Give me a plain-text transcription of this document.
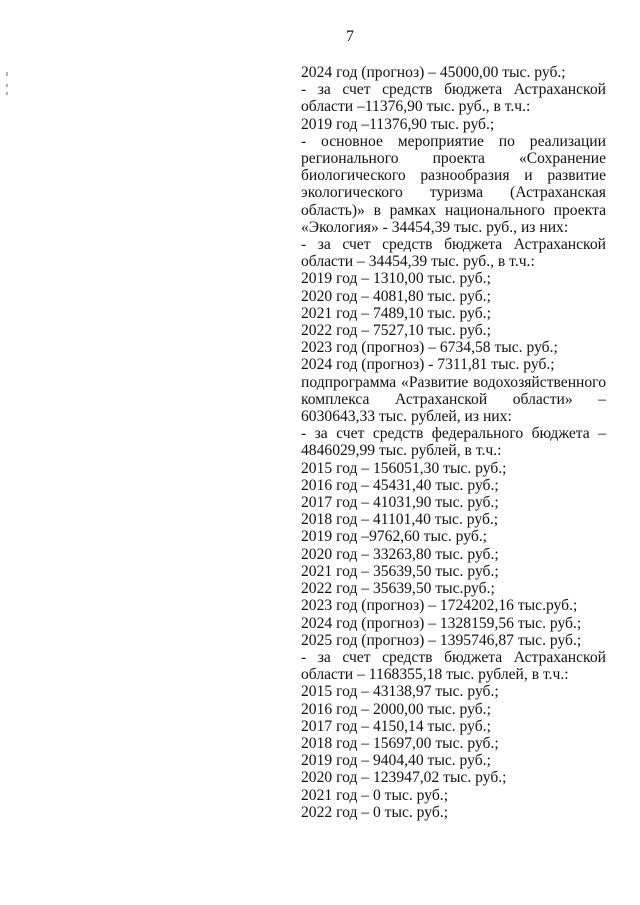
7
2024 год (прогноз) – 45000,00 тыс. руб.;
- за счет средств бюджета Астраханской
области –11376,90 тыс. руб., в т.ч.:
2019 год –11376,90 тыс. руб.;
- основное мероприятие по реализации
регионального проекта «Сохранение
биологического разнообразия и развитие
экологического туризма (Астраханская
область)» в рамках национального проекта
«Экология» - 34454,39 тыс. руб., из них:
- за счет средств бюджета Астраханской
области – 34454,39 тыс. руб., в т.ч.:
2019 год – 1310,00 тыс. руб.;
2020 год – 4081,80 тыс. руб.;
2021 год – 7489,10 тыс. руб.;
2022 год – 7527,10 тыс. руб.;
2023 год (прогноз) – 6734,58 тыс. руб.;
2024 год (прогноз) - 7311,81 тыс. руб.;
подпрограмма «Развитие водохозяйственного
комплекса Астраханской области» –
6030643,33 тыс. рублей, из них:
- за счет средств федерального бюджета –
4846029,99 тыс. рублей, в т.ч.:
2015 год – 156051,30 тыс. руб.;
2016 год – 45431,40 тыс. руб.;
2017 год – 41031,90 тыс. руб.;
2018 год – 41101,40 тыс. руб.;
2019 год –9762,60 тыс. руб.;
2020 год – 33263,80 тыс. руб.;
2021 год – 35639,50 тыс. руб.;
2022 год – 35639,50 тыс.руб.;
2023 год (прогноз) – 1724202,16 тыс.руб.;
2024 год (прогноз) – 1328159,56 тыс. руб.;
2025 год (прогноз) – 1395746,87 тыс. руб.;
- за счет средств бюджета Астраханской
области – 1168355,18 тыс. рублей, в т.ч.:
2015 год – 43138,97 тыс. руб.;
2016 год – 2000,00 тыс. руб.;
2017 год – 4150,14 тыс. руб.;
2018 год – 15697,00 тыс. руб.;
2019 год – 9404,40 тыс. руб.;
2020 год – 123947,02 тыс. руб.;
2021 год – 0 тыс. руб.;
2022 год – 0 тыс. руб.;
